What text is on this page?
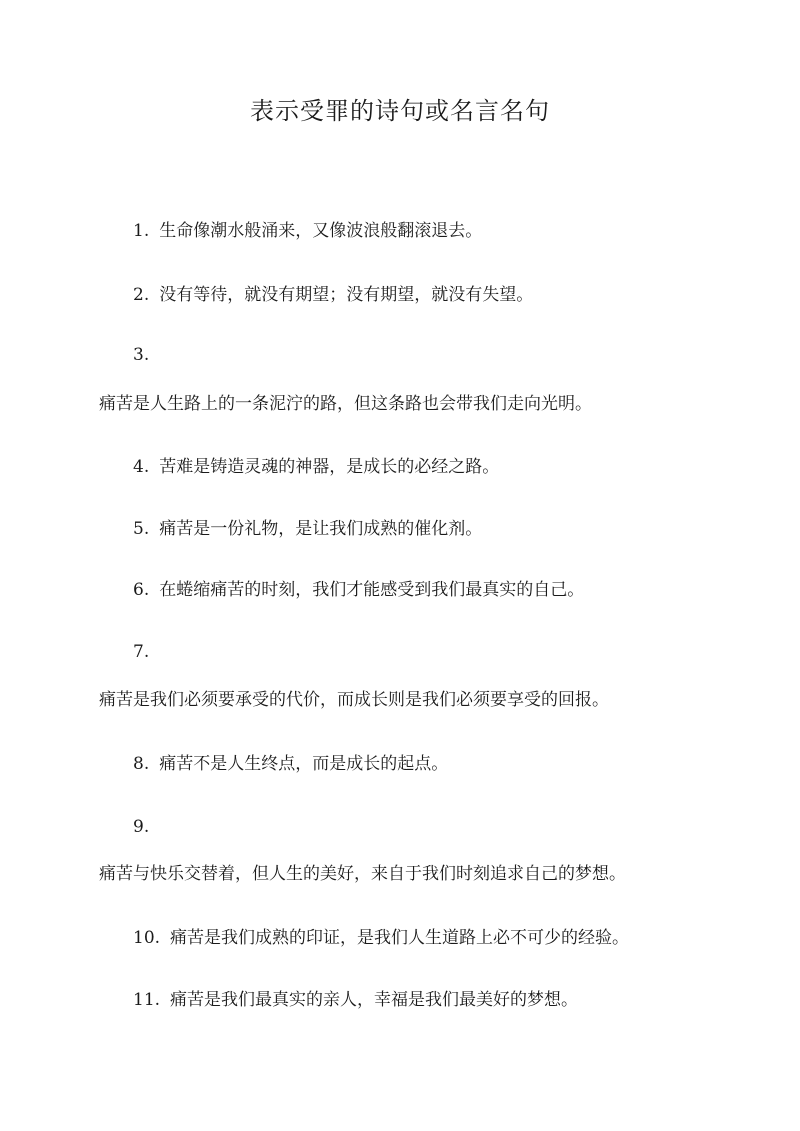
表示受罪的诗句或名言名句
1. 生命像潮水般涌来，又像波浪般翻滚退去。
2. 没有等待，就没有期望；没有期望，就没有失望。
3.
痛苦是人生路上的一条泥泞的路，但这条路也会带我们走向光明。
4. 苦难是铸造灵魂的神器，是成长的必经之路。
5. 痛苦是一份礼物，是让我们成熟的催化剂。
6. 在蜷缩痛苦的时刻，我们才能感受到我们最真实的自己。
7.
痛苦是我们必须要承受的代价，而成长则是我们必须要享受的回报。
8. 痛苦不是人生终点，而是成长的起点。
9.
痛苦与快乐交替着，但人生的美好，来自于我们时刻追求自己的梦想。
10. 痛苦是我们成熟的印证，是我们人生道路上必不可少的经验。
11. 痛苦是我们最真实的亲人，幸福是我们最美好的梦想。
